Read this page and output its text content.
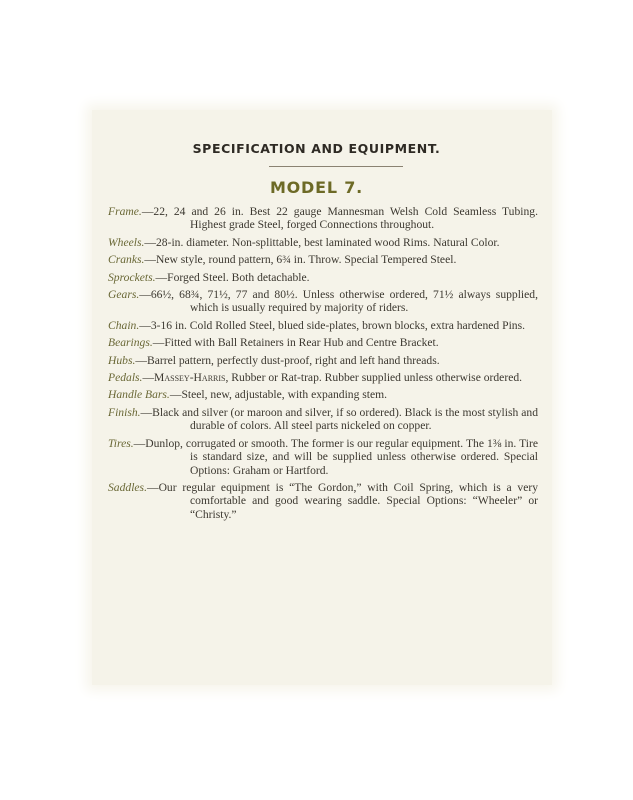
SPECIFICATION AND EQUIPMENT.
MODEL 7.
Frame.—22, 24 and 26 in. Best 22 gauge Mannesman Welsh Cold Seamless Tubing. Highest grade Steel, forged Connections throughout.
Wheels.—28-in. diameter. Non-splittable, best laminated wood Rims. Natural Color.
Cranks.—New style, round pattern, 6¾ in. Throw. Special Tempered Steel.
Sprockets.—Forged Steel. Both detachable.
Gears.—66½, 68¾, 71½, 77 and 80½. Unless otherwise ordered, 71½ always supplied, which is usually required by majority of riders.
Chain.—3-16 in. Cold Rolled Steel, blued side-plates, brown blocks, extra hardened Pins.
Bearings.—Fitted with Ball Retainers in Rear Hub and Centre Bracket.
Hubs.—Barrel pattern, perfectly dust-proof, right and left hand threads.
Pedals.—Massey-Harris, Rubber or Rat-trap. Rubber supplied unless otherwise ordered.
Handle Bars.—Steel, new, adjustable, with expanding stem.
Finish.—Black and silver (or maroon and silver, if so ordered). Black is the most stylish and durable of colors. All steel parts nickeled on copper.
Tires.—Dunlop, corrugated or smooth. The former is our regular equipment. The 1⅜ in. Tire is standard size, and will be supplied unless otherwise ordered. Special Options: Graham or Hartford.
Saddles.—Our regular equipment is “The Gordon,” with Coil Spring, which is a very comfortable and good wearing saddle. Special Options: “Wheeler” or “Christy.”
